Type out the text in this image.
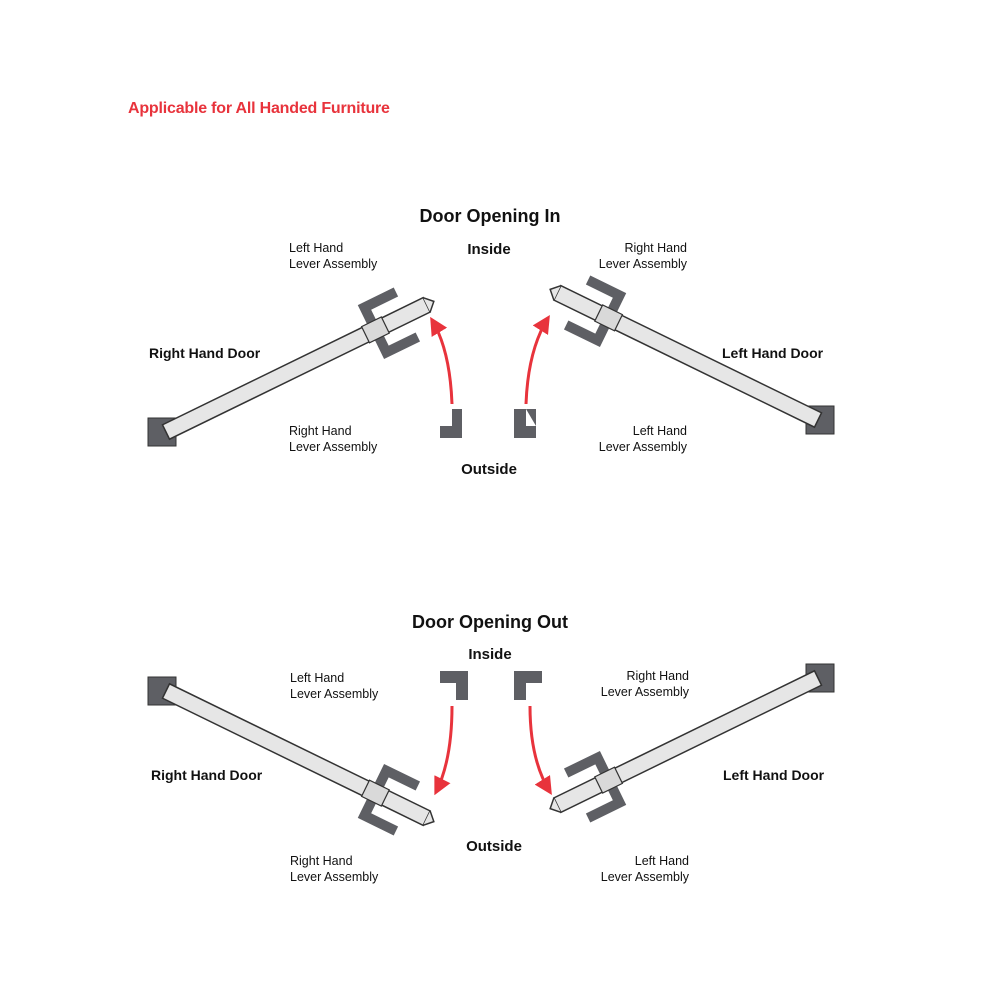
Applicable for All Handed Furniture
Door Opening In
Inside
Outside
Right Hand Door	Left Hand Door
Left Hand
Lever Assembly
Right Hand
Lever Assembly
Right Hand
Lever Assembly
Left Hand
Lever Assembly
Door Opening Out
Inside
Outside
Right Hand Door	Left Hand Door
Left Hand
Lever Assembly
Right Hand
Lever Assembly
Right Hand
Lever Assembly
Left Hand
Lever Assembly
